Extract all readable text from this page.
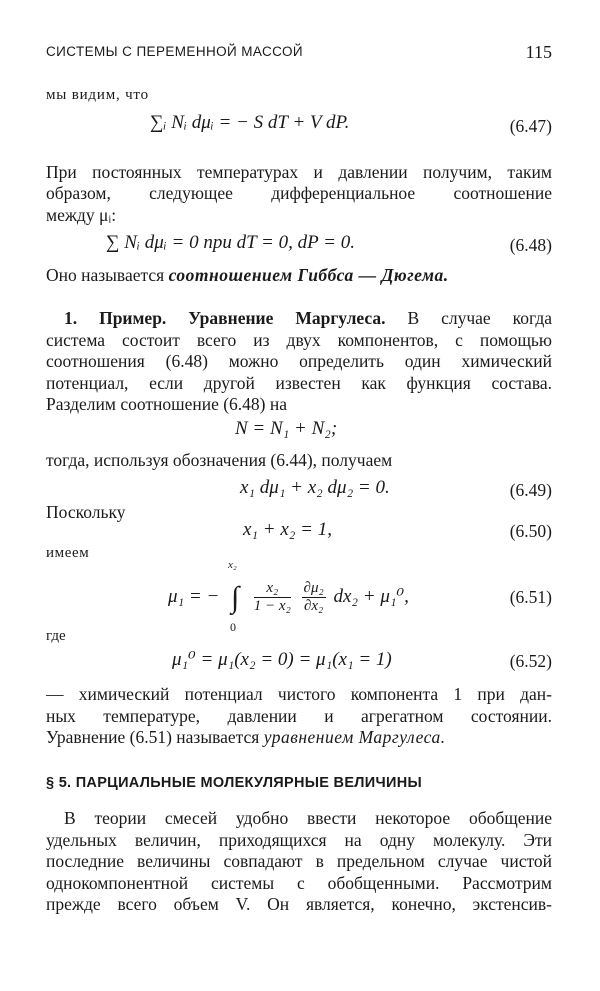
СИСТЕМЫ С ПЕРЕМЕННОЙ МАССОЙ	115
мы видим, что
∑ᵢ Nᵢ dμᵢ = − S dT + V dP.	(6.47)
При постоянных температурах и давлении получим, таким
образом, следующее дифференциальное соотношение
между μᵢ:
∑ Nᵢ dμᵢ = 0 при dT = 0, dP = 0.	(6.48)
Оно называется соотношением Гиббса — Дюгема.
1. Пример. Уравнение Маргулеса. В случае когда
система состоит всего из двух компонентов, с помощью
соотношения (6.48) можно определить один химический
потенциал, если другой известен как функция состава.
Разделим соотношение (6.48) на
N = N₁ + N₂;
тогда, используя обозначения (6.44), получаем
x₁ dμ₁ + x₂ dμ₂ = 0.	(6.49)
Поскольку
x₁ + x₂ = 1,	(6.50)
имеем
μ₁ = − ∫
x₂
0

$\frac{\text{x₂}}{\text{1 − x₂}}$
$\frac{\text{∂μ₂}}{\text{∂x₂}} dx_2 + \mu_1^0$,	(6.51)
где
μ₁⁰ = μ₁(x₂ = 0) = μ₁(x₁ = 1)	(6.52)
— химический потенциал чистого компонента 1 при дан-
ных температуре, давлении и агрегатном состоянии.
Уравнение (6.51) называется уравнением Маргулеса.
§ 5. ПАРЦИАЛЬНЫЕ МОЛЕКУЛЯРНЫЕ ВЕЛИЧИНЫ
В теории смесей удобно ввести некоторое обобщение
удельных величин, приходящихся на одну молекулу. Эти
последние величины совпадают в предельном случае чистой
однокомпонентной системы с обобщенными. Рассмотрим
прежде всего объем V. Он является, конечно, экстенсив-
